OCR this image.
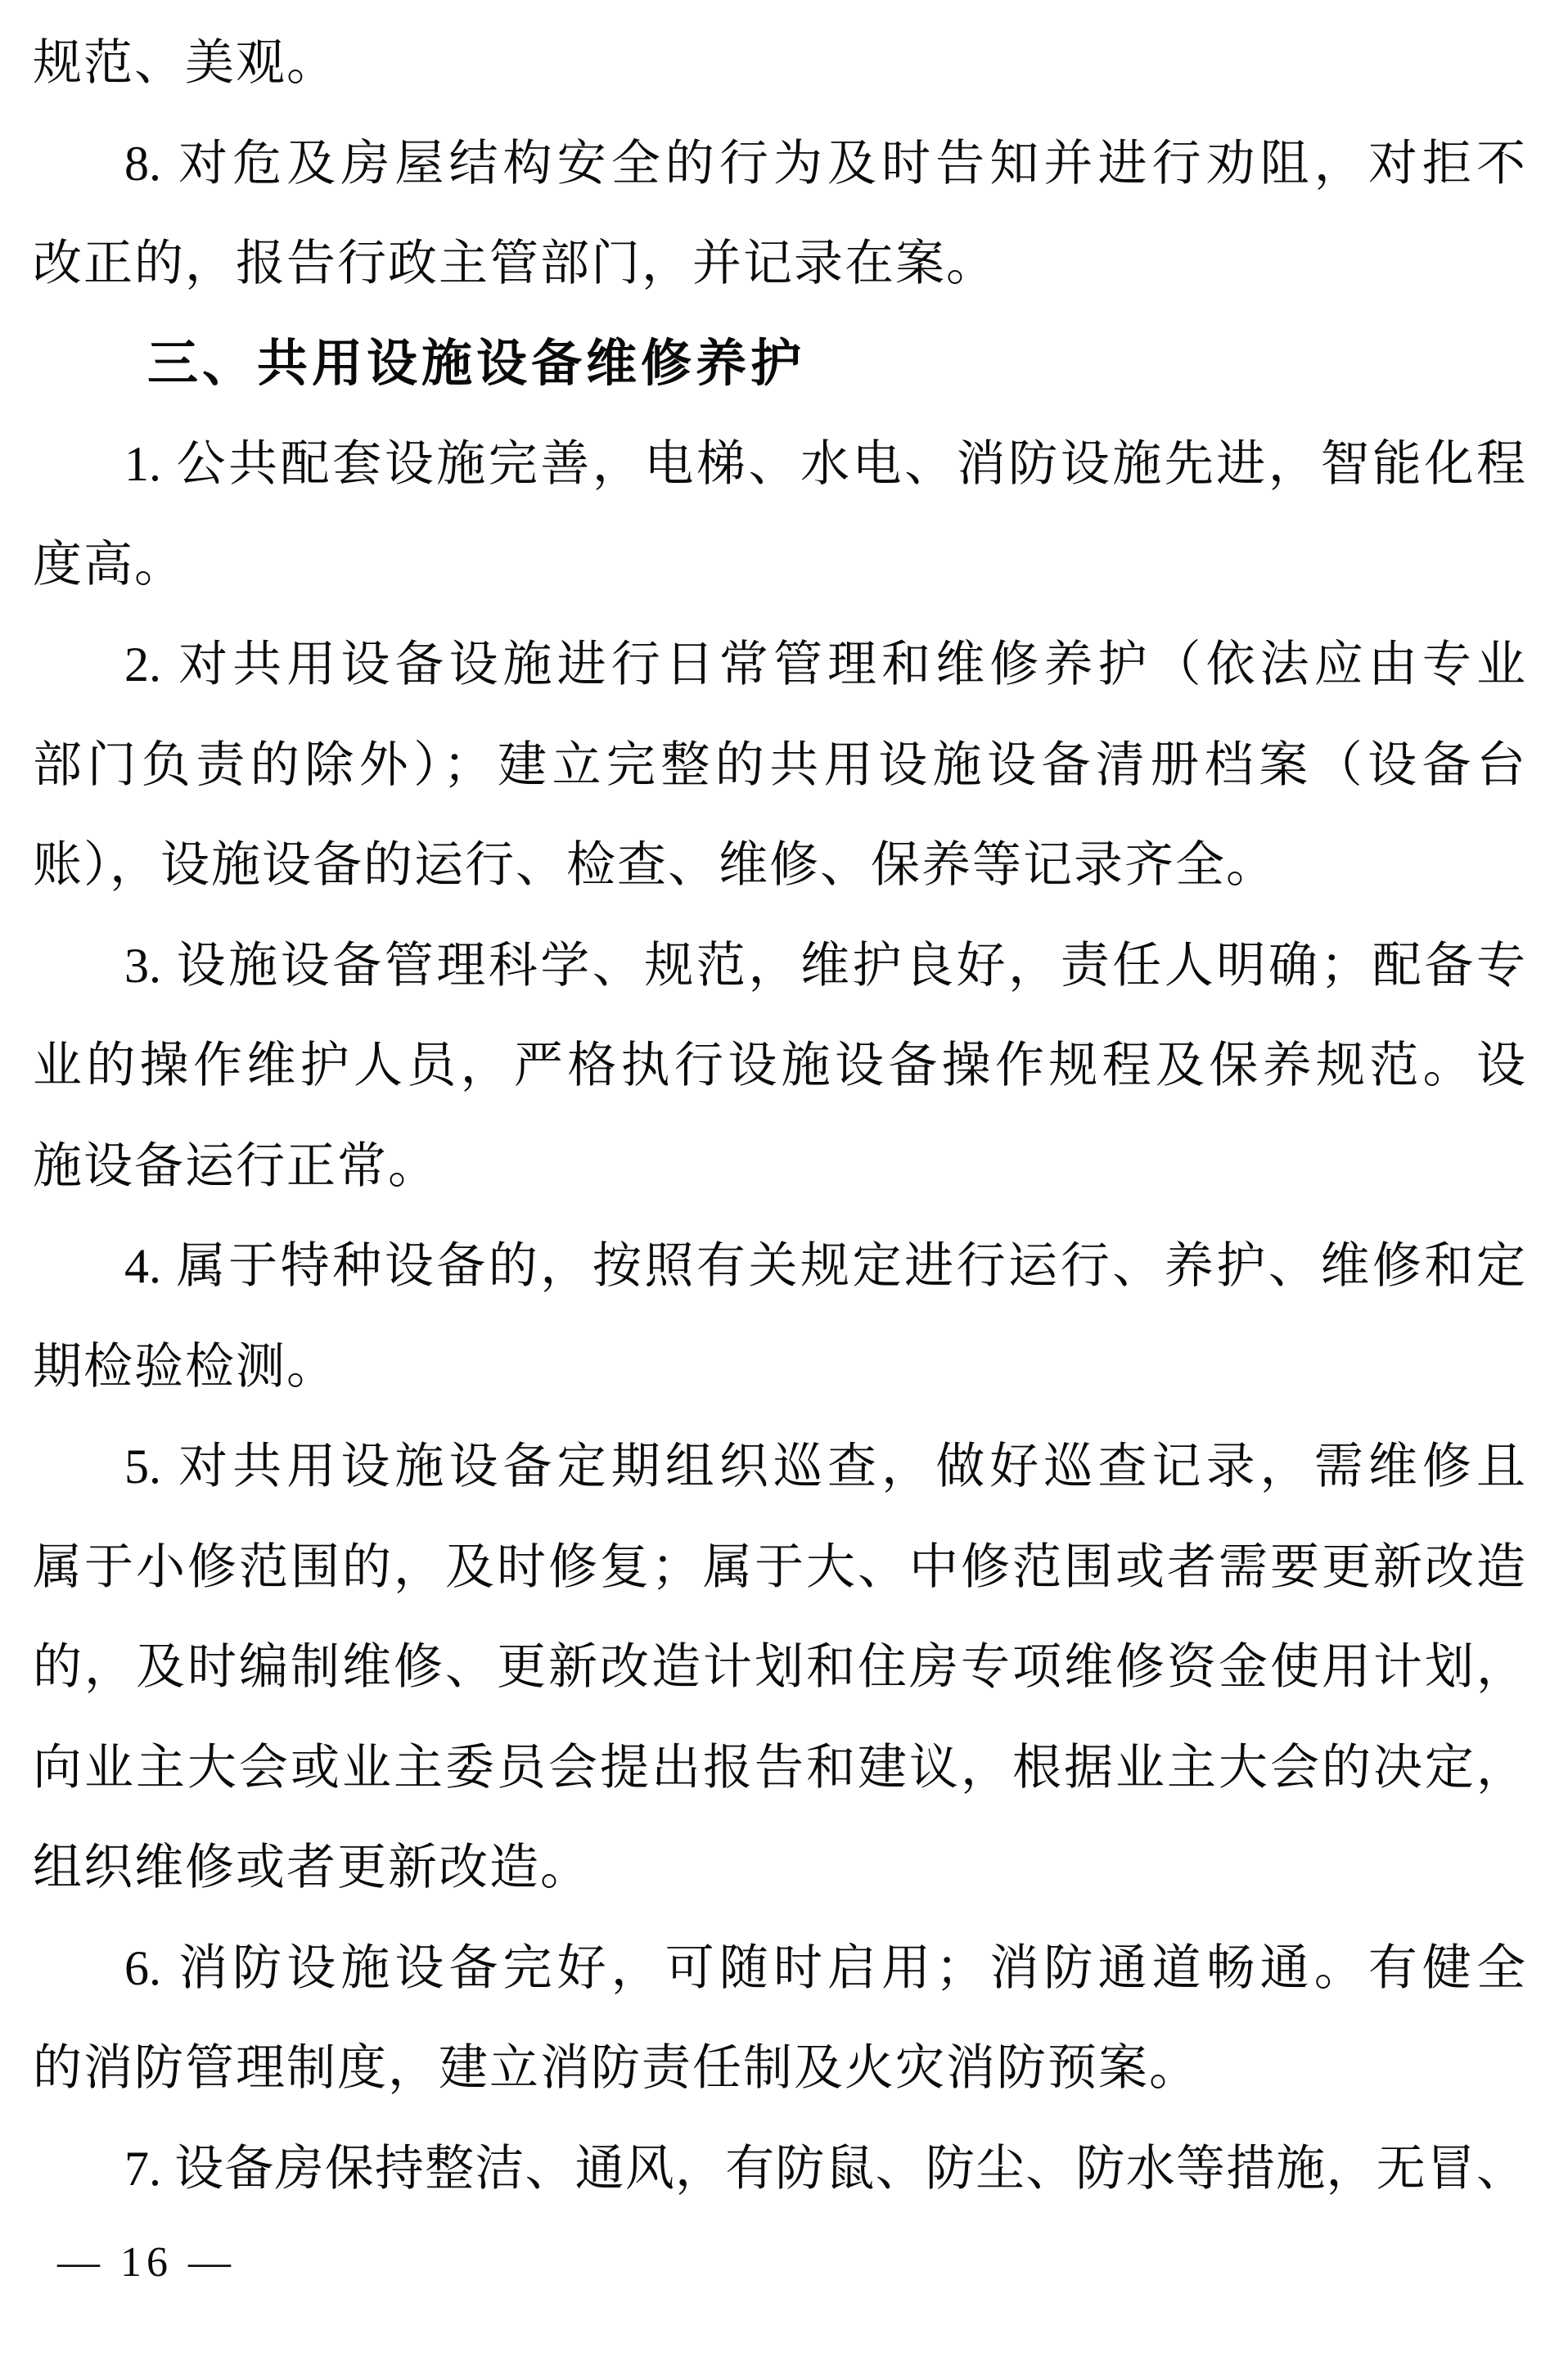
规范、美观。
8. 对危及房屋结构安全的行为及时告知并进行劝阻，对拒不
改正的，报告行政主管部门，并记录在案。
三、共用设施设备维修养护
1. 公共配套设施完善，电梯、水电、消防设施先进，智能化程
度高。
2. 对共用设备设施进行日常管理和维修养护（依法应由专业
部门负责的除外）；建立完整的共用设施设备清册档案（设备台
账），设施设备的运行、检查、维修、保养等记录齐全。
3. 设施设备管理科学、规范，维护良好，责任人明确；配备专
业的操作维护人员，严格执行设施设备操作规程及保养规范。设
施设备运行正常。
4. 属于特种设备的，按照有关规定进行运行、养护、维修和定
期检验检测。
5. 对共用设施设备定期组织巡查，做好巡查记录，需维修且
属于小修范围的，及时修复；属于大、中修范围或者需要更新改造
的，及时编制维修、更新改造计划和住房专项维修资金使用计划，
向业主大会或业主委员会提出报告和建议，根据业主大会的决定，
组织维修或者更新改造。
6. 消防设施设备完好，可随时启用；消防通道畅通。有健全
的消防管理制度，建立消防责任制及火灾消防预案。
7. 设备房保持整洁、通风，有防鼠、防尘、防水等措施，无冒、
— 16 —
